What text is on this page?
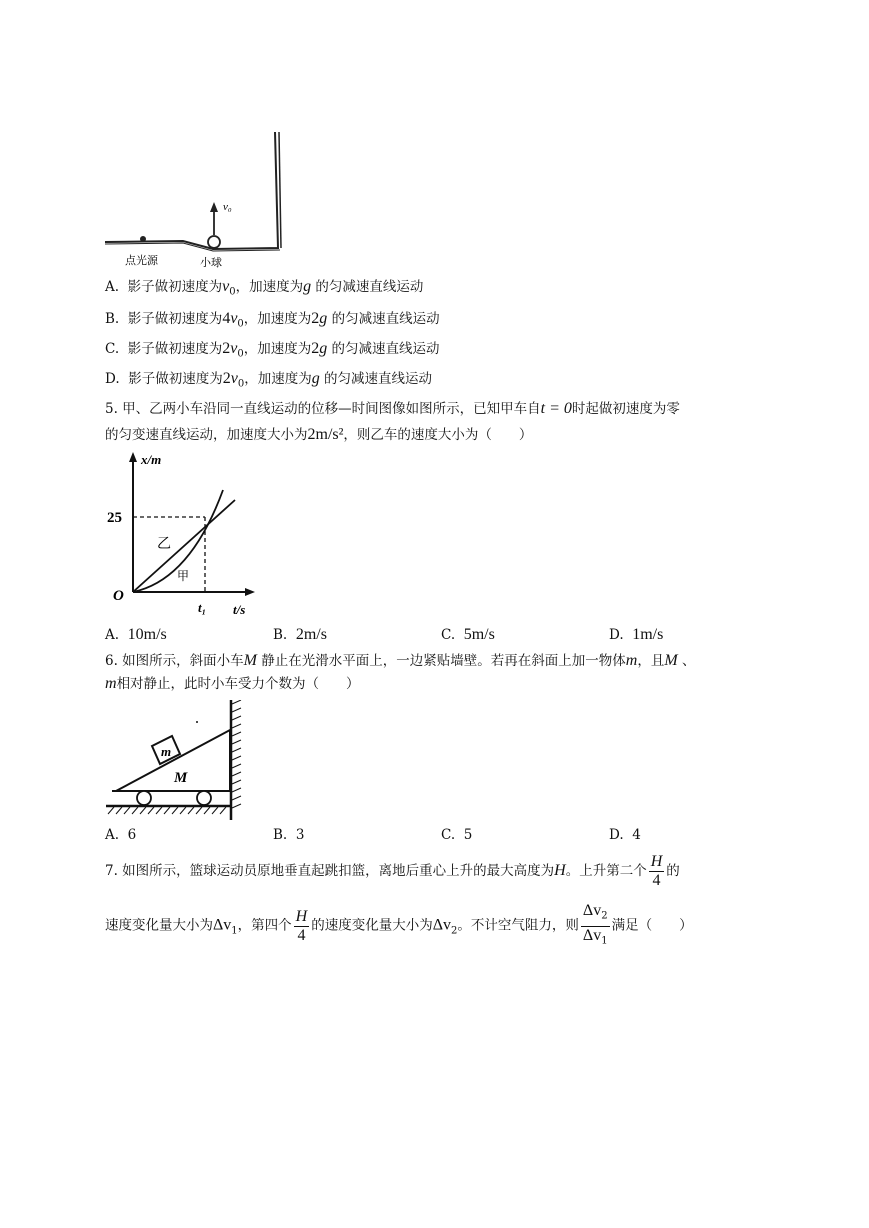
v₀
点光源	小球
A. 影子做初速度为$v_0$，加速度为g 的匀减速直线运动
B. 影子做初速度为$4v_0$，加速度为2g 的匀减速直线运动
C. 影子做初速度为$2v_0$，加速度为2g 的匀减速直线运动
D. 影子做初速度为$2v_0$，加速度为g 的匀减速直线运动
5. 甲、乙两小车沿同一直线运动的位移—时间图像如图所示，已知甲车自t = 0时起做初速度为零
的匀变速直线运动，加速度大小为2m/s²，则乙车的速度大小为（　　）
x/m
t/s
O
25
t₁
乙
甲
A. 10m/s	B. 2m/s	C. 5m/s	D. 1m/s
6. 如图所示，斜面小车M 静止在光滑水平面上，一边紧贴墙壁。若再在斜面上加一物体m，且M 、
m相对静止，此时小车受力个数为（　　）
m
M
A. 6	B. 3	C. 5	D. 4
7. 如图所示，篮球运动员原地垂直起跳扣篮，离地后重心上升的最大高度为H。上升第二个 $\frac{H}{4}$ 的
速度变化量大小为$\Delta v_1$，第四个 $\frac{H}{4}$ 的速度变化量大小为$\Delta v_2$。不计空气阻力，则 $\frac{\Delta v_2}{\Delta v_1}$ 满足（　　）
